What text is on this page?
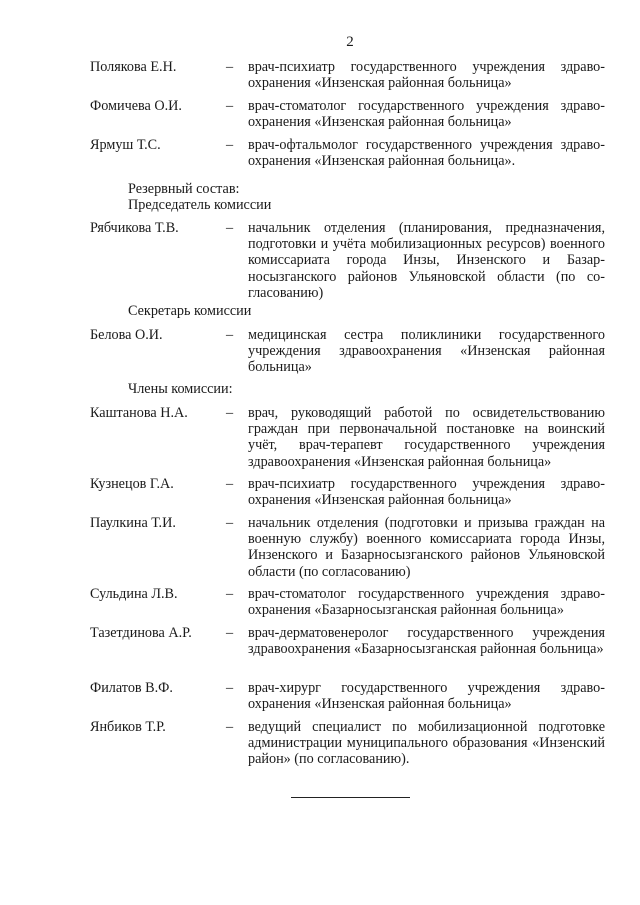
2
Полякова Е.Н.	– врач-психиатр государственного учреждения здравоохранения «Инзенская районная больница»
Фомичева О.И.	– врач-стоматолог государственного учреждения здравоохранения «Инзенская районная больница»
Ярмуш Т.С.	– врач-офтальмолог государственного учреждения здравоохранения «Инзенская районная больница».
Резервный состав:
Председатель комиссии
Рябчикова Т.В.	– начальник отделения (планирования, предназначения, подготовки и учёта мобилизационных ресурсов) военного комиссариата города Инзы, Инзенского и Базарносызганского районов Ульяновской области (по согласованию)
Секретарь комиссии
Белова О.И.	– медицинская сестра поликлиники государственного учреждения здравоохранения «Инзенская районная больница»
Члены комиссии:
Каштанова Н.А.	– врач, руководящий работой по освидетельствованию граждан при первоначальной постановке на воинский учёт, врач-терапевт государственного учреждения здравоохранения «Инзенская районная больница»
Кузнецов Г.А.	– врач-психиатр государственного учреждения здравоохранения «Инзенская районная больница»
Паулкина Т.И.	– начальник отделения (подготовки и призыва граждан на военную службу) военного комиссариата города Инзы, Инзенского и Базарносызганского районов Ульяновской области (по согласованию)
Сульдина Л.В.	– врач-стоматолог государственного учреждения здравоохранения «Базарносызганская районная больница»
Тазетдинова А.Р. – врач-дерматовенеролог государственного учреждения здравоохранения «Базарносызганская районная больница»
Филатов В.Ф.	– врач-хирург государственного учреждения здравоохранения «Инзенская районная больница»
Янбиков Т.Р.	– ведущий специалист по мобилизационной подготовке администрации муниципального образования «Инзенский район» (по согласованию).
